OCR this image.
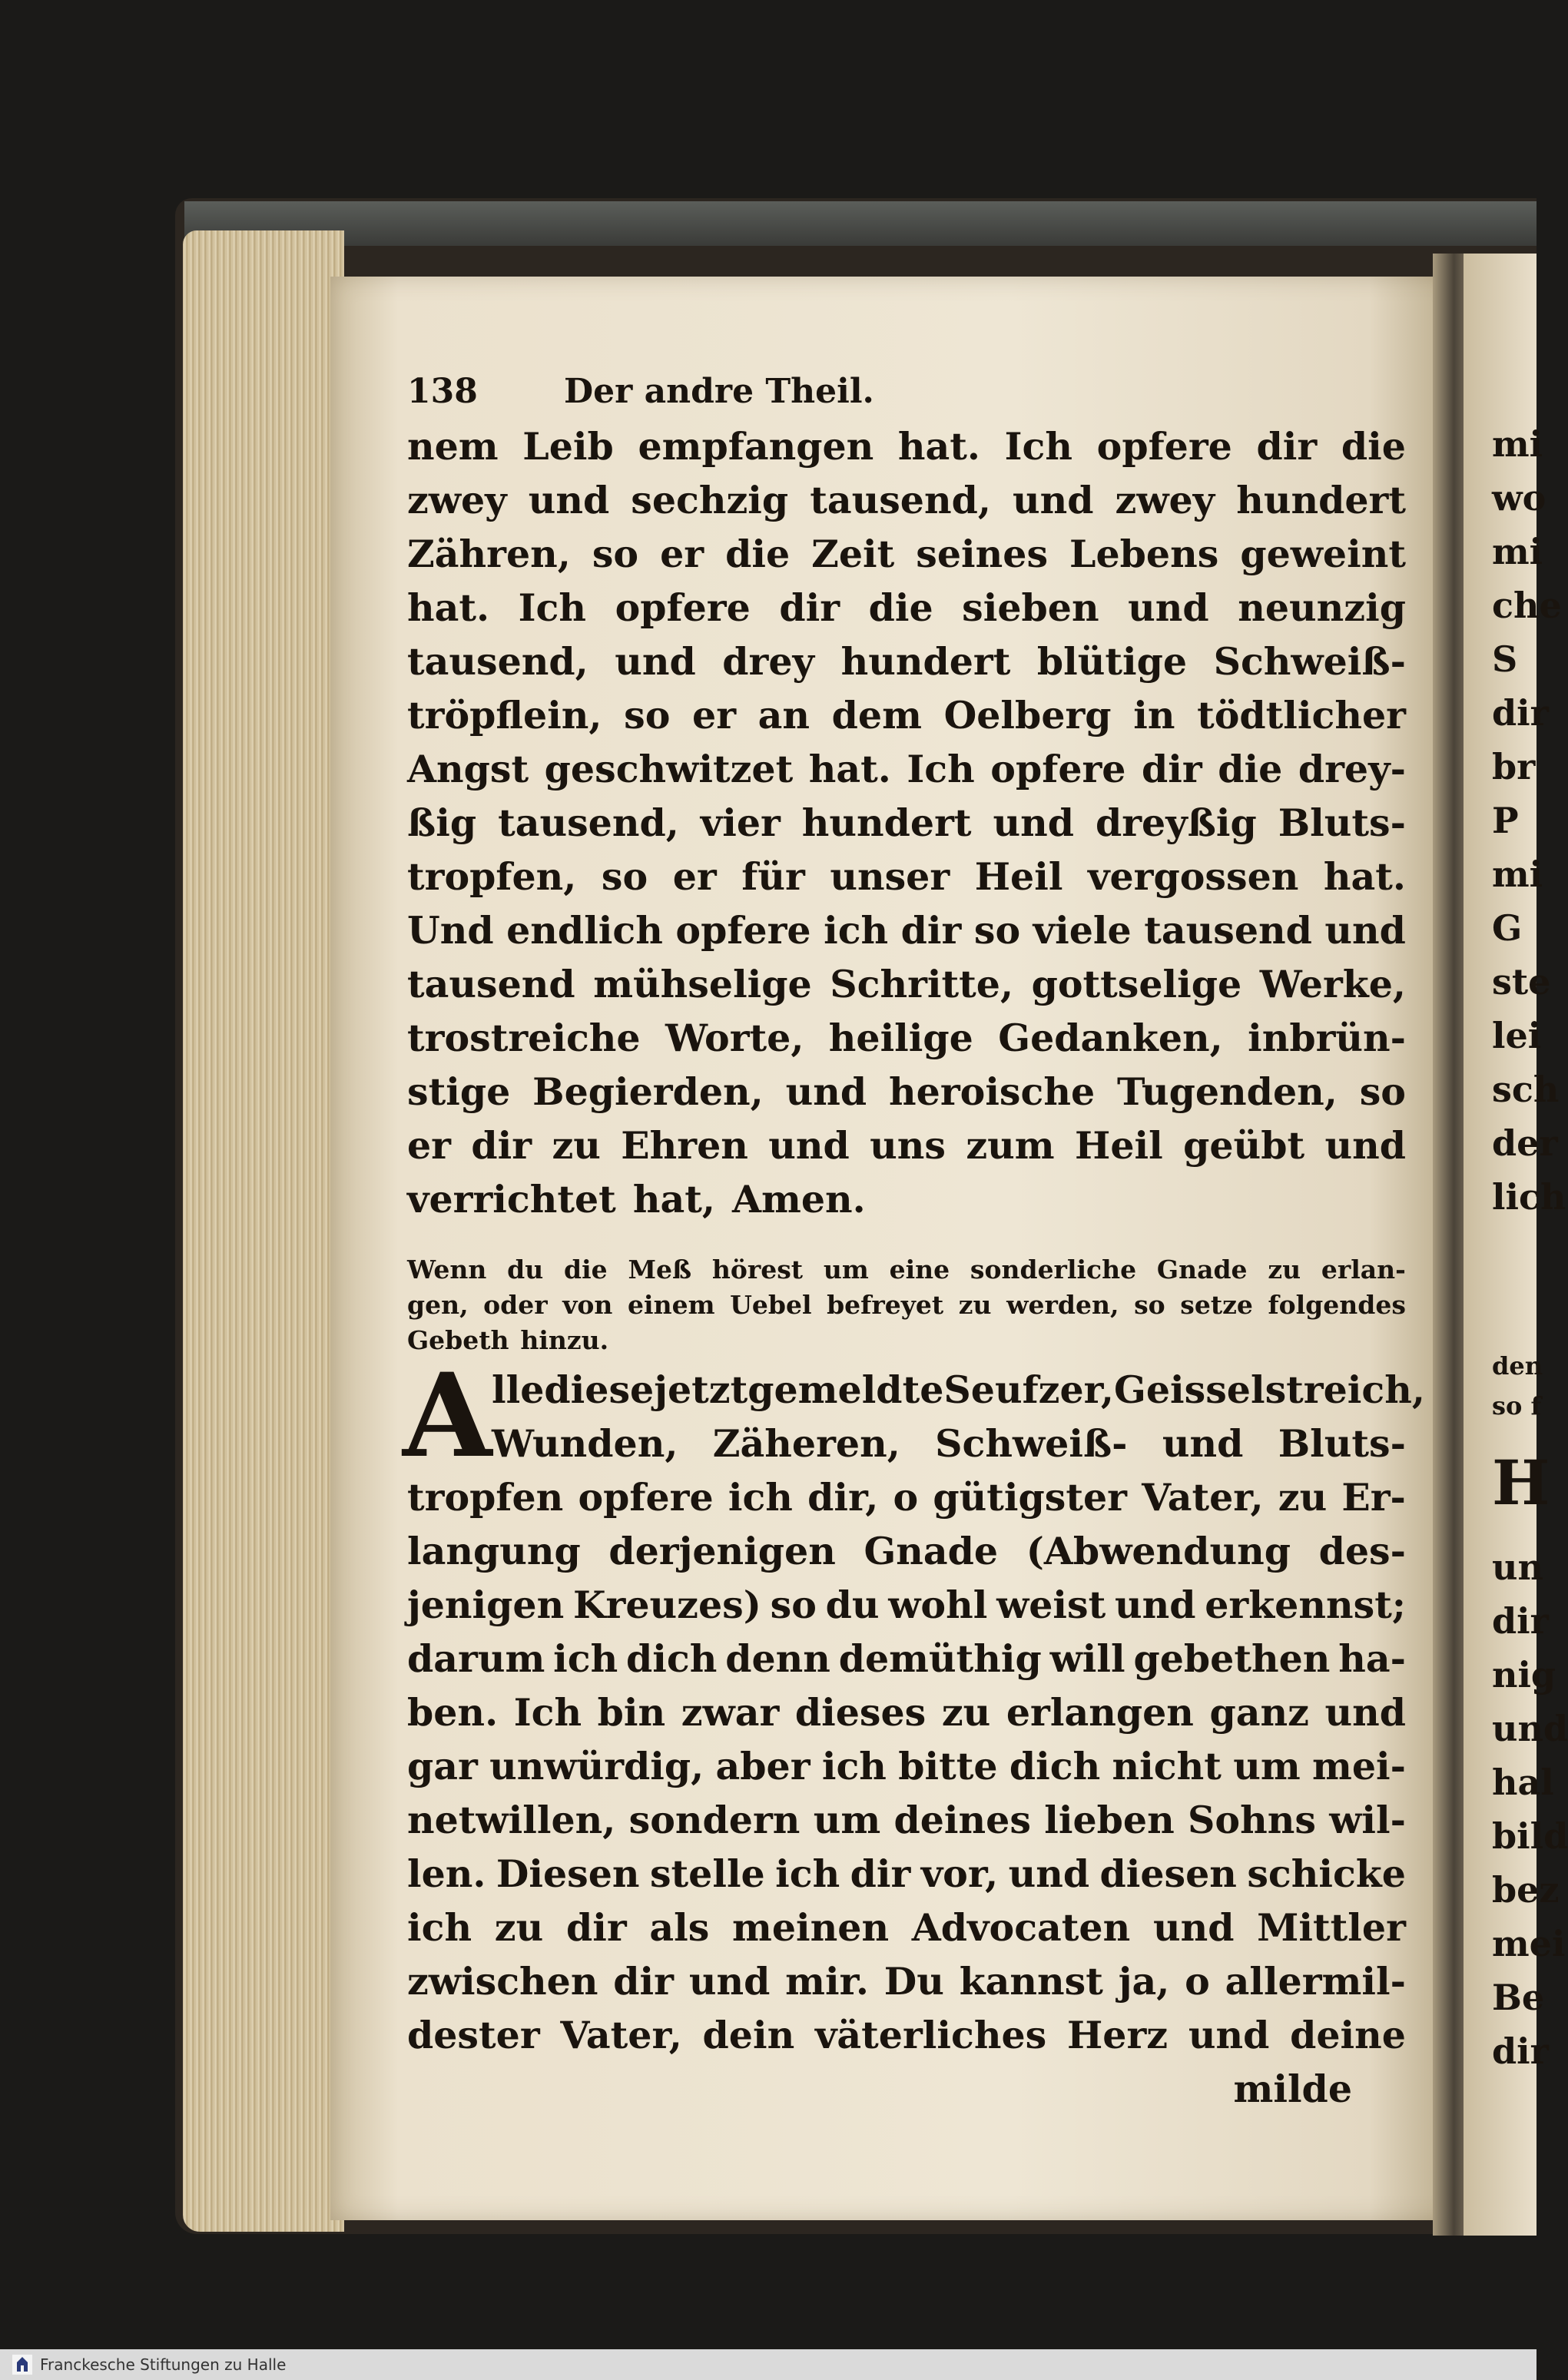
138	Der andre Theil.
nem Leib empfangen hat. Ich opfere dir die
zwey und sechzig tausend, und zwey hundert
Zähren, so er die Zeit seines Lebens geweint
hat. Ich opfere dir die sieben und neunzig
tausend, und drey hundert blütige Schweiß-
tröpflein, so er an dem Oelberg in tödtlicher
Angst geschwitzet hat. Ich opfere dir die drey-
ßig tausend, vier hundert und dreyßig Bluts-
tropfen, so er für unser Heil vergossen hat.
Und endlich opfere ich dir so viele tausend und
tausend mühselige Schritte, gottselige Werke,
trostreiche Worte, heilige Gedanken, inbrün-
stige Begierden, und heroische Tugenden, so
er dir zu Ehren und uns zum Heil geübt und
verrichtet hat, Amen.
Wenn du die Meß hörest um eine sonderliche Gnade zu erlan-
gen, oder von einem Uebel befreyet zu werden, so setze folgendes
Gebeth hinzu.
A lle diese jetztgemeldte Seufzer, Geisselstreich,
Wunden, Zäheren, Schweiß- und Bluts-
tropfen opfere ich dir, o gütigster Vater, zu Er-
langung derjenigen Gnade (Abwendung des-
jenigen Kreuzes) so du wohl weist und erkennst;
darum ich dich denn demüthig will gebethen ha-
ben. Ich bin zwar dieses zu erlangen ganz und
gar unwürdig, aber ich bitte dich nicht um mei-
netwillen, sondern um deines lieben Sohns wil-
len. Diesen stelle ich dir vor, und diesen schicke
ich zu dir als meinen Advocaten und Mittler
zwischen dir und mir. Du kannst ja, o allermil-
dester Vater, dein väterliches Herz und deine
milde
mi
wo
mi
che
S
dir
br
P
mi
G
ste
lei
sch
der
lich
den
so f
H
un
dir
nig
und
hal
bild
bez
mei
Be
dir
Franckesche Stiftungen zu Halle
